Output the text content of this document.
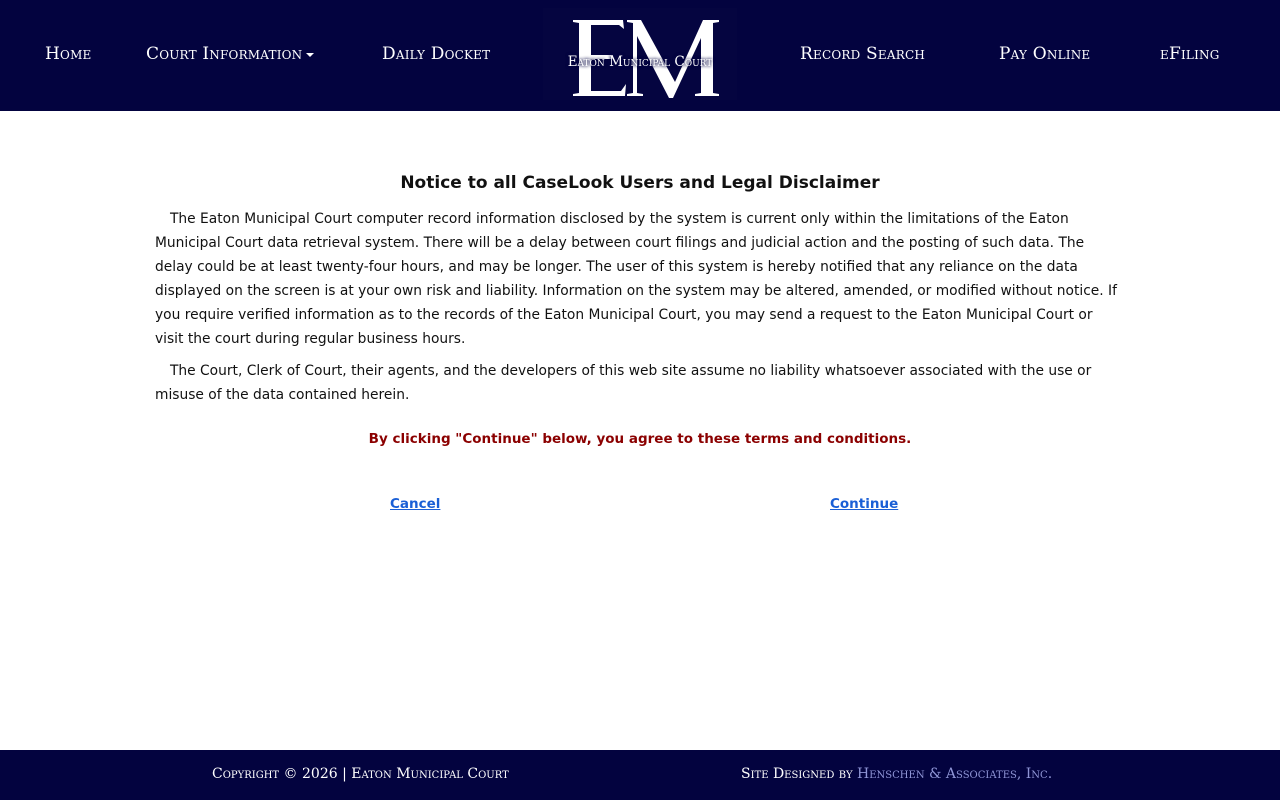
Home	Court Information	Daily Docket	Eaton Municipal Court	Record Search	Pay Online	eFiling
Notice to all CaseLook Users and Legal Disclaimer

The Eaton Municipal Court computer record information disclosed by the system is current only within the limitations of the Eaton Municipal Court data retrieval system. There will be a delay between court filings and judicial action and the posting of such data. The delay could be at least twenty-four hours, and may be longer. The user of this system is hereby notified that any reliance on the data displayed on the screen is at your own risk and liability. Information on the system may be altered, amended, or modified without notice. If you require verified information as to the records of the Eaton Municipal Court, you may send a request to the Eaton Municipal Court or visit the court during regular business hours.

The Court, Clerk of Court, their agents, and the developers of this web site assume no liability whatsoever associated with the use or misuse of the data contained herein.

By clicking "Continue" below, you agree to these terms and conditions.

Cancel	Continue
Copyright © 2026 | Eaton Municipal Court	Site Designed by Henschen & Associates, Inc.
